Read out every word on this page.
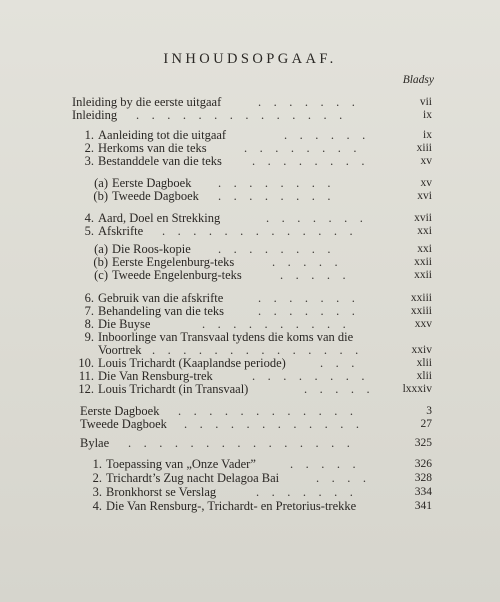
INHOUDSOPGAAF.
Bladsy
Inleiding by die eerste uitgaaf	.    .    .    .    .    .    .	vii
Inleiding .    .    .    .    .    .    .    .    .    .    .    .    .    .	ix
1. Aanleiding tot die uitgaaf	.    .    .    .    .    .	ix
2. Herkoms van die teks	.    .    .    .    .    .    .    .	xiii
3. Bestanddele van die teks .    .    .    .    .    .    .    .	xv
(a) Eerste Dagboek .    .    .    .    .    .    .    .	xv
(b) Tweede Dagboek .    .    .    .    .    .    .    .	xvi
4. Aard, Doel en Strekking	.    .    .    .    .    .    .	xvii
5. Afskrifte .    .    .    .    .    .    .    .    .    .    .    .    .	xxi
(a) Die Roos-kopie .    .    .    .    .    .    .    .	xxi
(b) Eerste Engelenburg-teks	.    .    .    .    .	xxii
(c) Tweede Engelenburg-teks	.    .    .    .    .	xxii
6. Gebruik van die afskrifte	.    .    .    .    .    .    .	xxiii
7. Behandeling van die teks	.    .    .    .    .    .    .	xxiii
8. Die Buyse	.    .    .    .    .    .    .    .    .    .	xxv
9. Inboorlinge van Transvaal tydens die koms van die
Voortrek .    .    .    .    .    .    .    .    .    .    .    .    .    .	xxiv
10. Louis Trichardt (Kaaplandse periode)	.    .    .	xlii
11. Die Van Rensburg-trek	.    .    .    .    .    .    .    .	xlii
12. Louis Trichardt (in Transvaal)	.    .    .    .    .	lxxxiv
Eerste Dagboek .    .    .    .    .    .    .    .    .    .    .    .	3
Tweede Dagboek .    .    .    .    .    .    .    .    .    .    .    .	27
Bylae .    .    .    .    .    .    .    .    .    .    .    .    .    .    .	325
1. Toepassing van „Onze Vader”	.    .    .    .    .	326
2. Trichardt’s Zug nacht Delagoa Bai	.    .    .    .	328
3. Bronkhorst se Verslag	.    .    .    .    .    .    .	334
4. Die Van Rensburg-, Trichardt- en Pretorius-trekke	341
